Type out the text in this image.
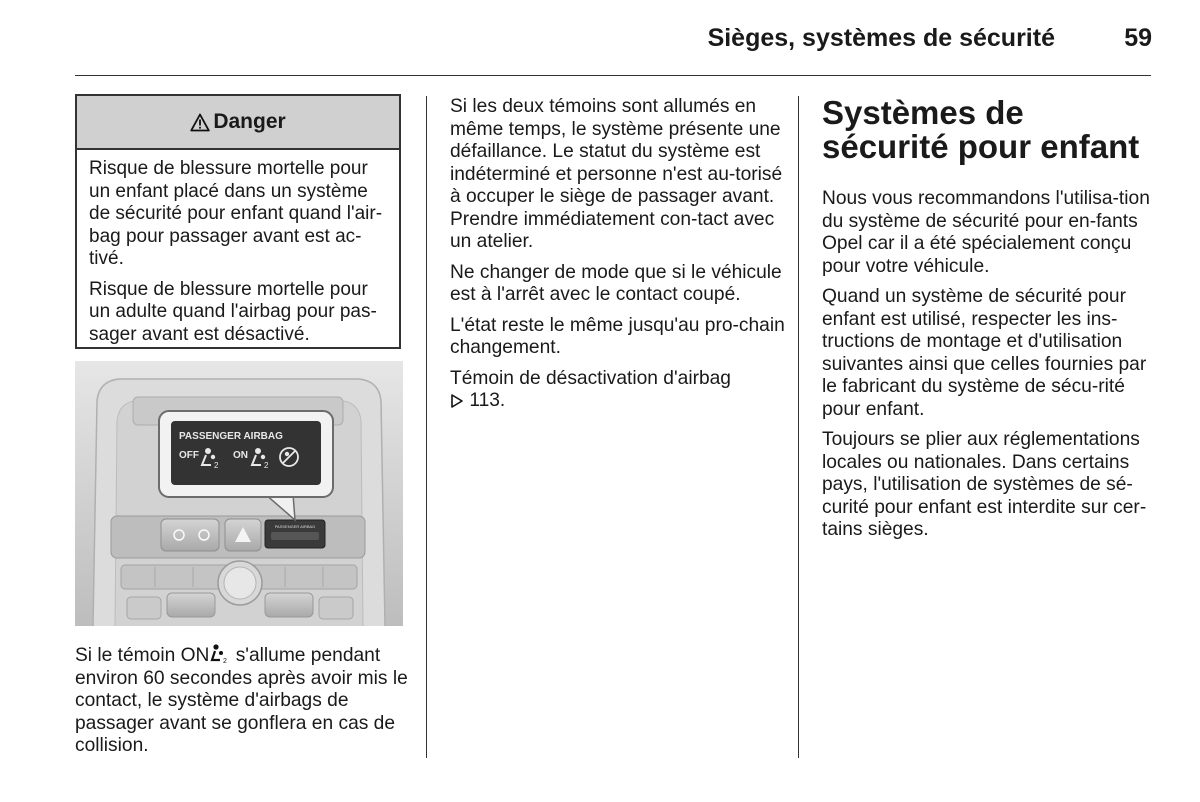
Sièges, systèmes de sécurité	59
Danger

Risque de blessure mortelle pour un enfant placé dans un système de sécurité pour enfant quand l'air-bag pour passager avant est ac-tivé.

Risque de blessure mortelle pour un adulte quand l'airbag pour pas-sager avant est désactivé.

PASSENGER AIRBAG
PASSENGER AIRBAG
OFF
2
ON
2

Si le témoin ON 2 s'allume pendant environ 60 secondes après avoir mis le contact, le système d'airbags de passager avant se gonflera en cas de collision.

Si les deux témoins sont allumés en même temps, le système présente une défaillance. Le statut du système est indéterminé et personne n'est au-torisé à occuper le siège de passager avant. Prendre immédiatement con-tact avec un atelier.

Ne changer de mode que si le véhicule est à l'arrêt avec le contact coupé.

L'état reste le même jusqu'au pro-chain changement.

Témoin de désactivation d'airbag
113.

Systèmes de sécurité pour enfant

Nous vous recommandons l'utilisa-tion du système de sécurité pour en-fants Opel car il a été spécialement conçu pour votre véhicule.

Quand un système de sécurité pour enfant est utilisé, respecter les ins-tructions de montage et d'utilisation suivantes ainsi que celles fournies par le fabricant du système de sécu-rité pour enfant.

Toujours se plier aux réglementations locales ou nationales. Dans certains pays, l'utilisation de systèmes de sé-curité pour enfant est interdite sur cer-tains sièges.
